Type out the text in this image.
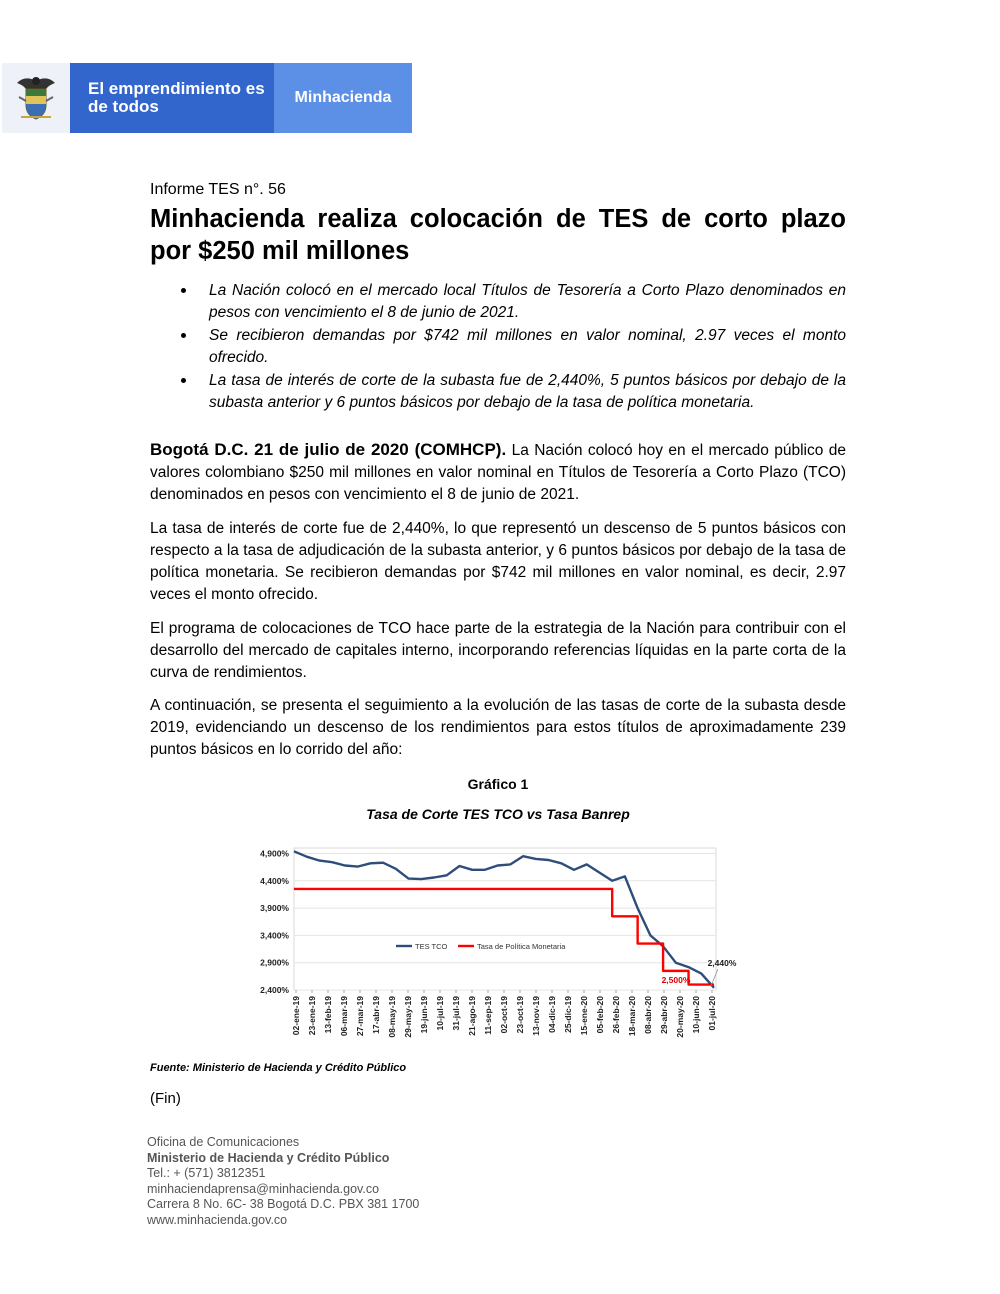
El emprendimiento es de todos	Minhacienda
Informe TES n°. 56
Minhacienda realiza colocación de TES de corto plazo por $250 mil millones
La Nación colocó en el mercado local Títulos de Tesorería a Corto Plazo denominados en pesos con vencimiento el 8 de junio de 2021.
Se recibieron demandas por $742 mil millones en valor nominal, 2.97 veces el monto ofrecido.
La tasa de interés de corte de la subasta fue de 2,440%, 5 puntos básicos por debajo de la subasta anterior y 6 puntos básicos por debajo de la tasa de política monetaria.
Bogotá D.C. 21 de julio de 2020 (COMHCP). La Nación colocó hoy en el mercado público de valores colombiano $250 mil millones en valor nominal en Títulos de Tesorería a Corto Plazo (TCO) denominados en pesos con vencimiento el 8 de junio de 2021.
La tasa de interés de corte fue de 2,440%, lo que representó un descenso de 5 puntos básicos con respecto a la tasa de adjudicación de la subasta anterior, y 6 puntos básicos por debajo de la tasa de política monetaria. Se recibieron demandas por $742 mil millones en valor nominal, es decir, 2.97 veces el monto ofrecido.
El programa de colocaciones de TCO hace parte de la estrategia de la Nación para contribuir con el desarrollo del mercado de capitales interno, incorporando referencias líquidas en la parte corta de la curva de rendimientos.
A continuación, se presenta el seguimiento a la evolución de las tasas de corte de la subasta desde 2019, evidenciando un descenso de los rendimientos para estos títulos de aproximadamente 239 puntos básicos en lo corrido del año:
Gráfico 1
Tasa de Corte TES TCO vs Tasa Banrep
4,900%
4,400%
3,900%
3,400%
2,900%
2,400%
02-ene-19 23-ene-19 13-feb-19 06-mar-19 27-mar-19 17-abr-19 08-may-19 29-may-19 19-jun-19 10-jul-19 31-jul-19 21-ago-19 11-sep-19 02-oct-19 23-oct-19 13-nov-19 04-dic-19 25-dic-19 15-ene-20 05-feb-20 26-feb-20 18-mar-20 08-abr-20 29-abr-20 20-may-20 10-jun-20 01-jul-20
TES TCO	Tasa de Política Monetaria
2,440%
2,500%
Fuente: Ministerio de Hacienda y Crédito Público
(Fin)
Oficina de Comunicaciones
Ministerio de Hacienda y Crédito Público
Tel.: + (571) 3812351
minhaciendaprensa@minhacienda.gov.co
Carrera 8 No. 6C- 38 Bogotá D.C. PBX 381 1700
www.minhacienda.gov.co
